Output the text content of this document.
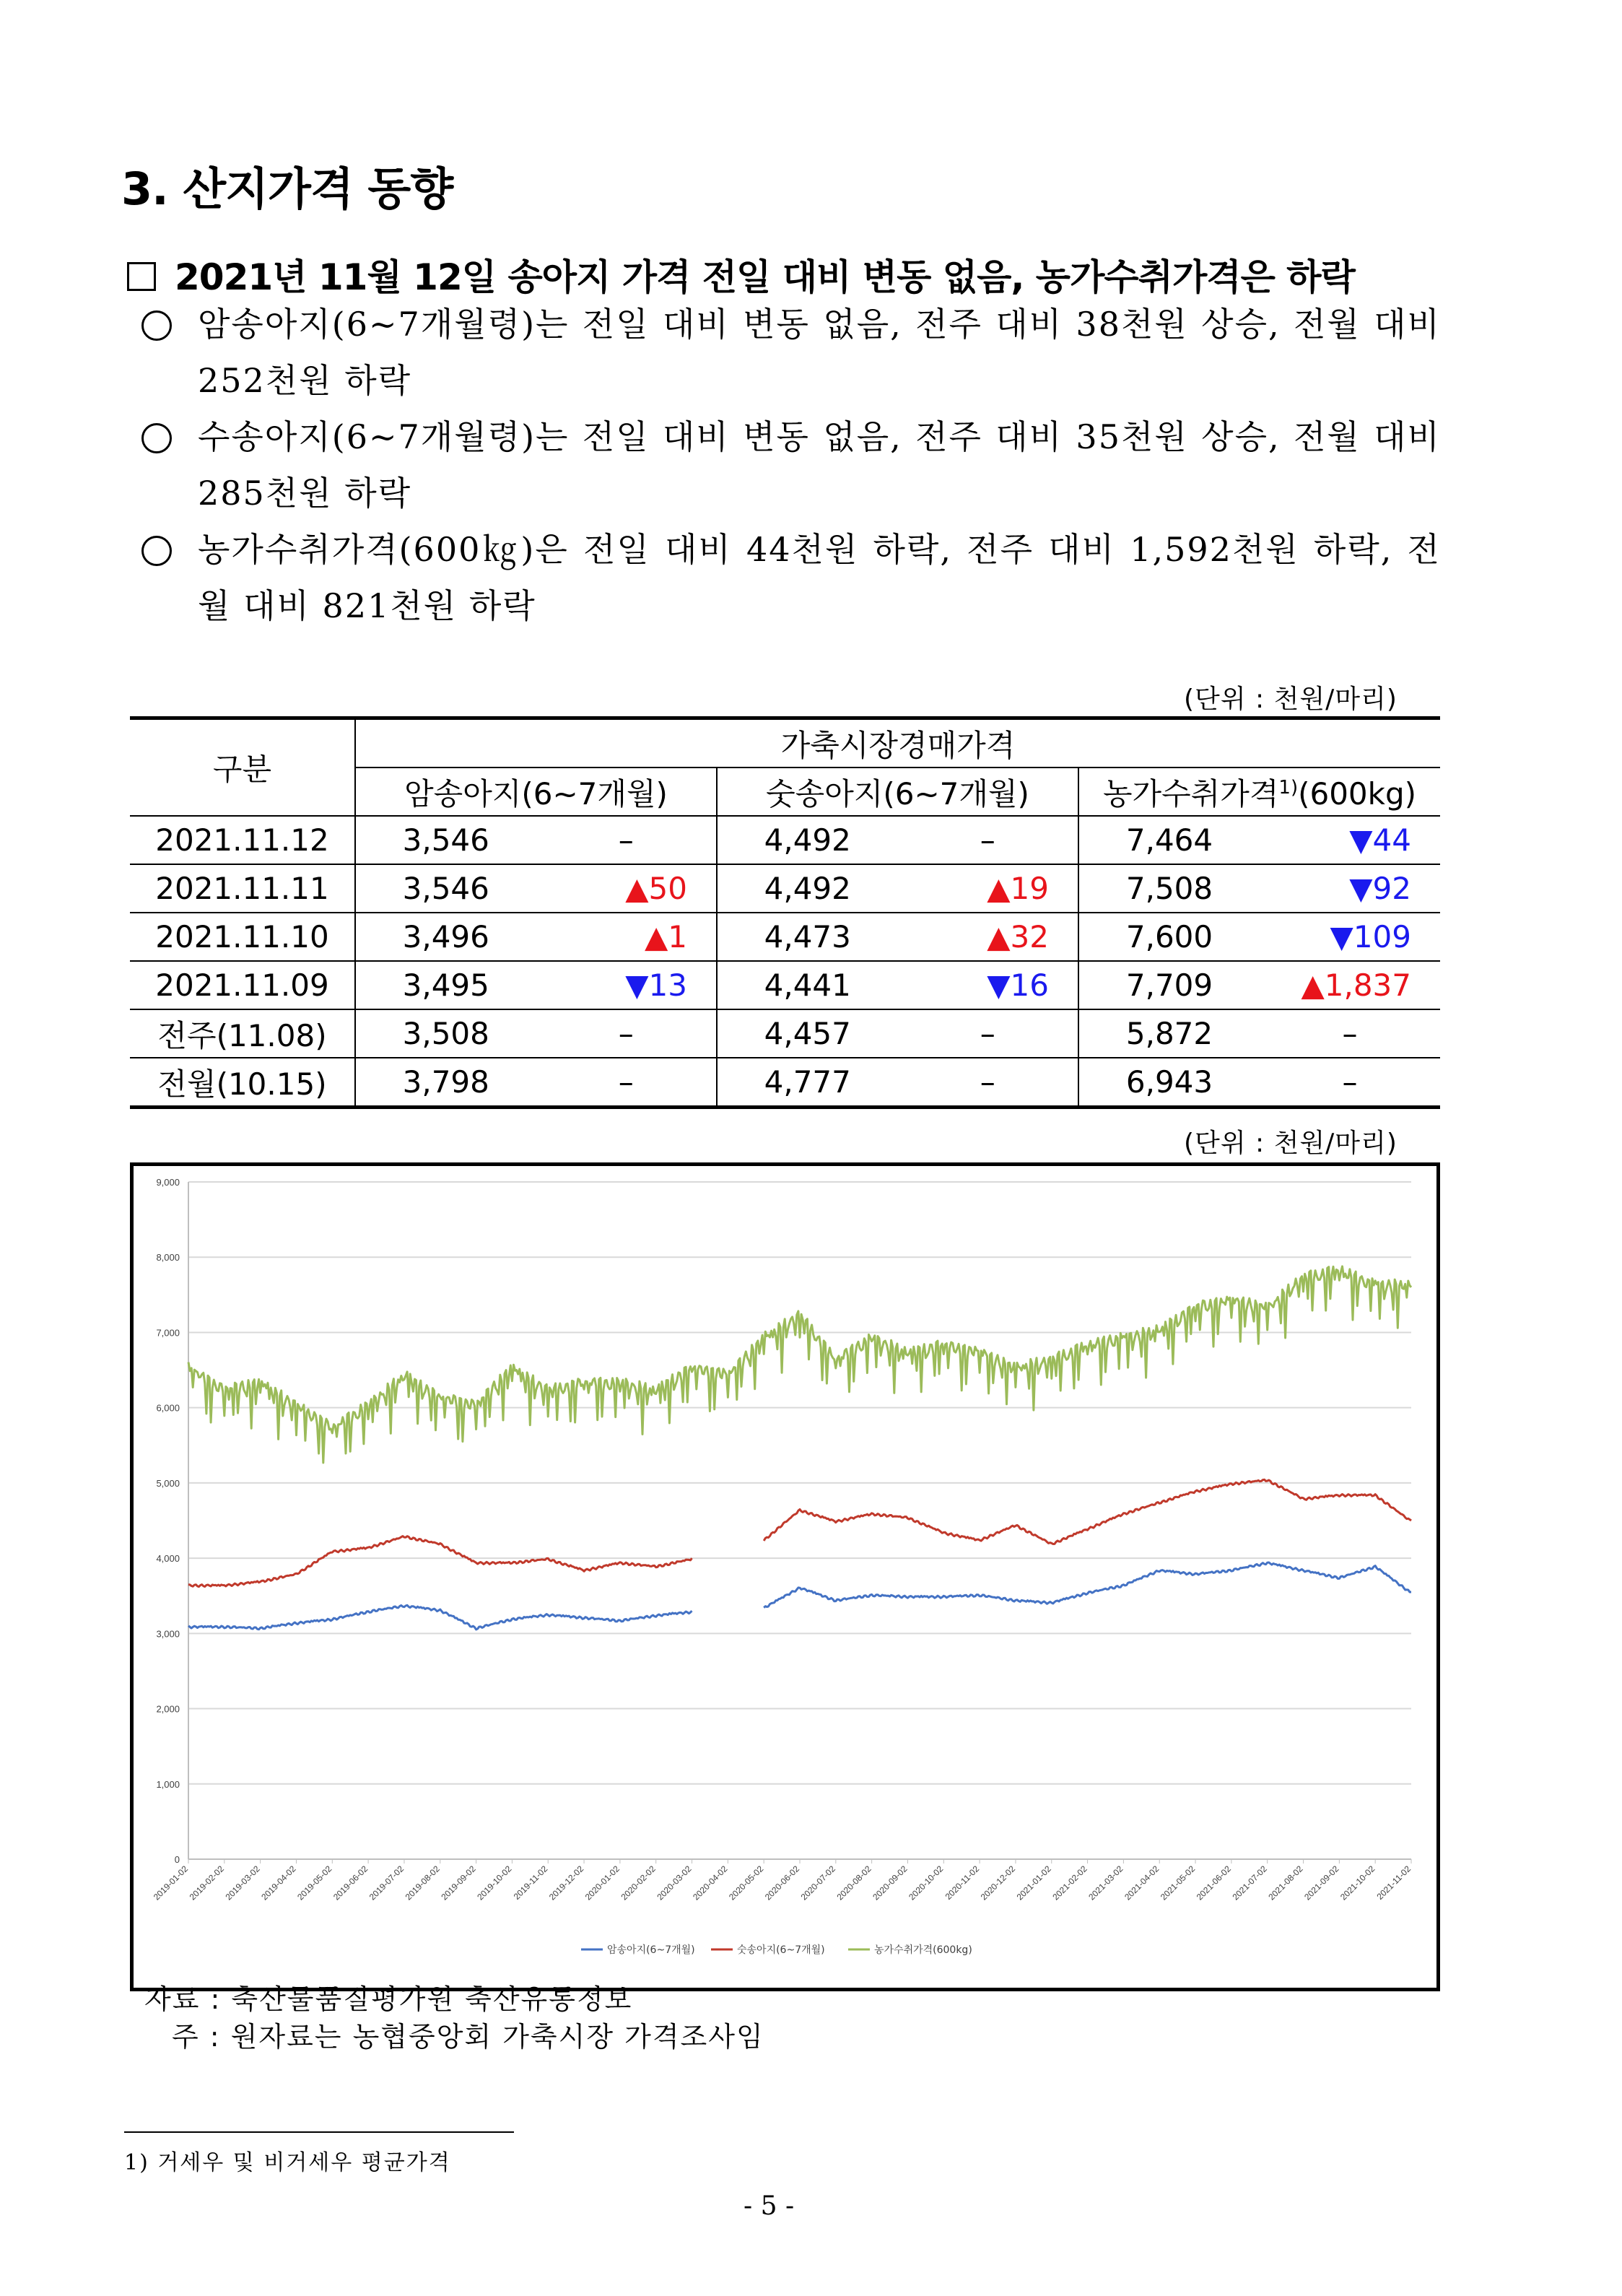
3. 산지가격 동향
2021년 11월 12일 송아지 가격 전일 대비 변동 없음, 농가수취가격은 하락
암송아지(6~7개월령)는 전일 대비 변동 없음, 전주 대비 38천원 상승, 전월 대비 252천원 하락
수송아지(6~7개월령)는 전일 대비 변동 없음, 전주 대비 35천원 상승, 전월 대비 285천원 하락
농가수취가격(600㎏)은 전일 대비 44천원 하락, 전주 대비 1,592천원 하락, 전월 대비 821천원 하락
(단위 : 천원/마리)
구분	가축시장경매가격		
	암송아지(6~7개월)	숫송아지(6~7개월)	농가수취가격$^{1)}$(600kg)
2021.11.12	3,546 –	4,492 –	7,464 ▼44

2021.11.11	3,546 ▲50	4,492 ▲19	7,508 ▼92

2021.11.10	3,496 ▲1	4,473 ▲32	7,600 ▼109

2021.11.09	3,495 ▼13	4,441 ▼16	7,709 ▲1,837

전주(11.08)	3,508 –	4,457 –	5,872 –

전월(10.15)	3,798 –	4,777 –	6,943 –
(단위 : 천원/마리)
0
1,000
2,000
3,000
4,000
5,000
6,000
7,000
8,000
9,000
2019-01-02
2019-02-02
2019-03-02
2019-04-02
2019-05-02
2019-06-02
2019-07-02
2019-08-02
2019-09-02
2019-10-02
2019-11-02
2019-12-02
2020-01-02
2020-02-02
2020-03-02
2020-04-02
2020-05-02
2020-06-02
2020-07-02
2020-08-02
2020-09-02
2020-10-02
2020-11-02
2020-12-02
2021-01-02
2021-02-02
2021-03-02
2021-04-02
2021-05-02
2021-06-02
2021-07-02
2021-08-02
2021-09-02
2021-10-02
2021-11-02
암송아지(6~7개월)	숫송아지(6~7개월)	농가수취가격(600kg)
자료 : 축산물품질평가원 축산유통정보
주 : 원자료는 농협중앙회 가축시장 가격조사임
1) 거세우 및 비거세우 평균가격
- 5 -
